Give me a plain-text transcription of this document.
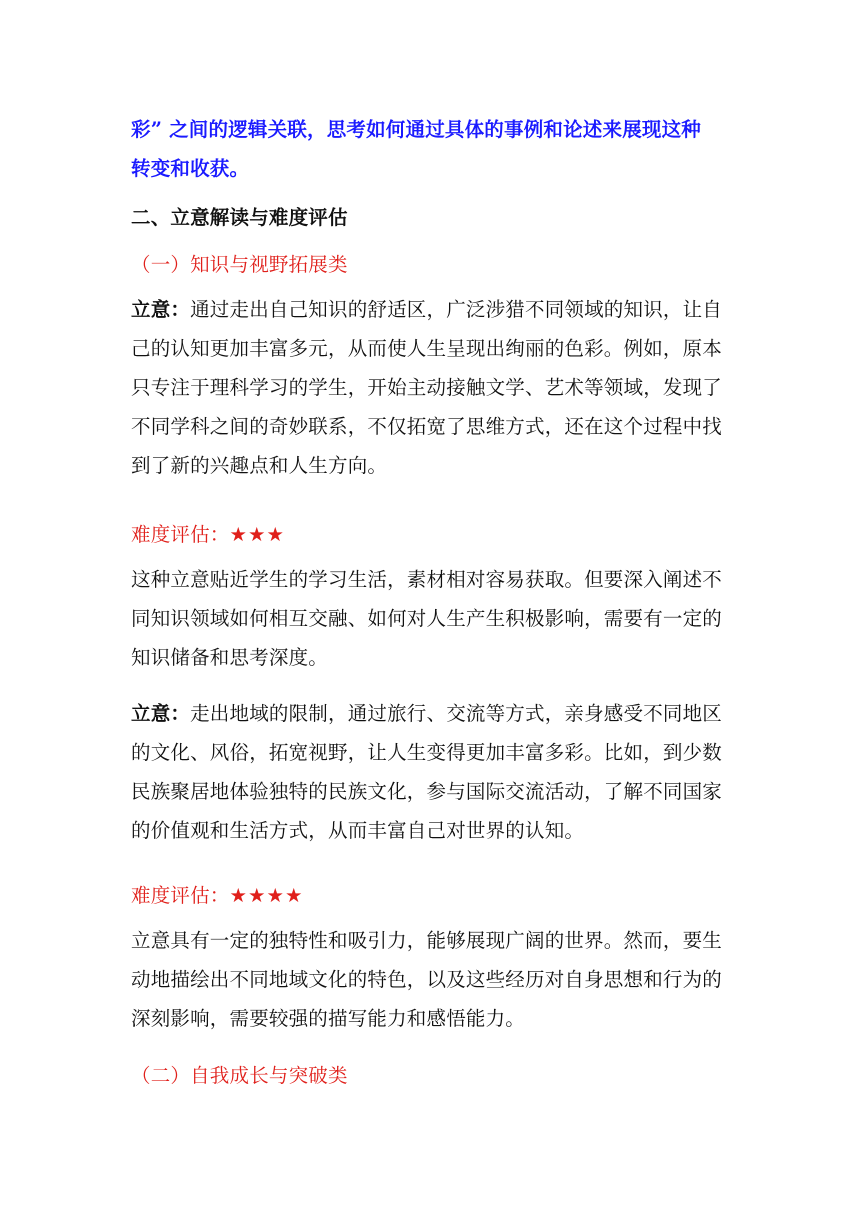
彩” 之间的逻辑关联，思考如何通过具体的事例和论述来展现这种
转变和收获。
二、立意解读与难度评估
（一）知识与视野拓展类
立意：通过走出自己知识的舒适区，广泛涉猎不同领域的知识，让自
己的认知更加丰富多元，从而使人生呈现出绚丽的色彩。例如，原本
只专注于理科学习的学生，开始主动接触文学、艺术等领域，发现了
不同学科之间的奇妙联系，不仅拓宽了思维方式，还在这个过程中找
到了新的兴趣点和人生方向。
难度评估：★★★
这种立意贴近学生的学习生活，素材相对容易获取。但要深入阐述不
同知识领域如何相互交融、如何对人生产生积极影响，需要有一定的
知识储备和思考深度。
立意：走出地域的限制，通过旅行、交流等方式，亲身感受不同地区
的文化、风俗，拓宽视野，让人生变得更加丰富多彩。比如，到少数
民族聚居地体验独特的民族文化，参与国际交流活动，了解不同国家
的价值观和生活方式，从而丰富自己对世界的认知。
难度评估：★★★★
立意具有一定的独特性和吸引力，能够展现广阔的世界。然而，要生
动地描绘出不同地域文化的特色，以及这些经历对自身思想和行为的
深刻影响，需要较强的描写能力和感悟能力。
（二）自我成长与突破类
